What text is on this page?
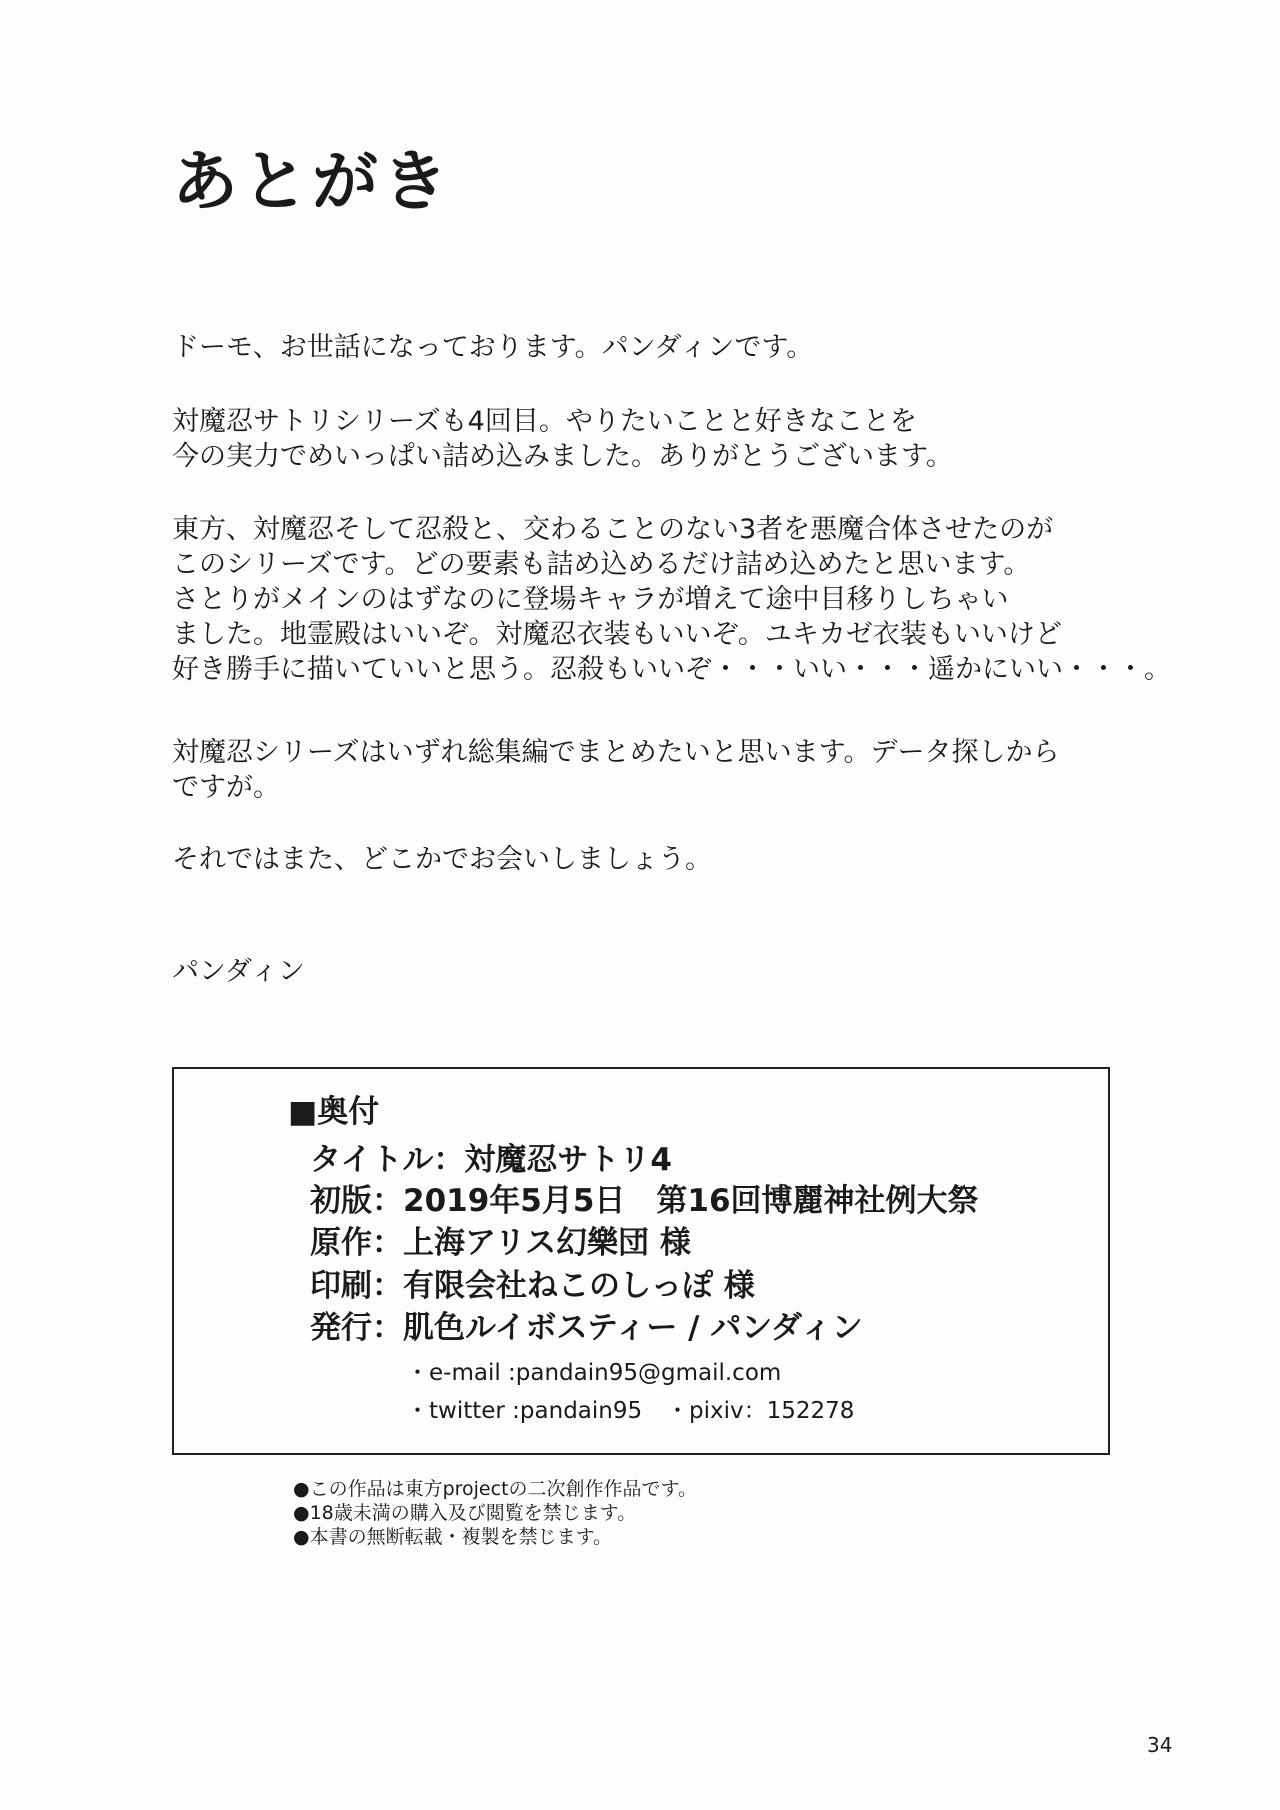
あとがき
ドーモ、お世話になっております。パンダィンです。
対魔忍サトリシリーズも4回目。やりたいことと好きなことを
今の実力でめいっぱい詰め込みました。ありがとうございます。
東方、対魔忍そして忍殺と、交わることのない3者を悪魔合体させたのが
このシリーズです。どの要素も詰め込めるだけ詰め込めたと思います。
さとりがメインのはずなのに登場キャラが増えて途中目移りしちゃい
ました。地霊殿はいいぞ。対魔忍衣装もいいぞ。ユキカゼ衣装もいいけど
好き勝手に描いていいと思う。忍殺もいいぞ・・・いい・・・遥かにいい・・・。
対魔忍シリーズはいずれ総集編でまとめたいと思います。データ探しから
ですが。
それではまた、どこかでお会いしましょう。
パンダィン
■奥付
タイトル：対魔忍サトリ4
初版：2019年5月5日　第16回博麗神社例大祭
原作：上海アリス幻樂団 様
印刷：有限会社ねこのしっぽ 様
発行：肌色ルイボスティー / パンダィン
・e-mail :pandain95@gmail.com
・twitter :pandain95 ・pixiv：152278
●この作品は東方projectの二次創作作品です。
●18歳未満の購入及び閲覧を禁じます。
●本書の無断転載・複製を禁じます。
34
